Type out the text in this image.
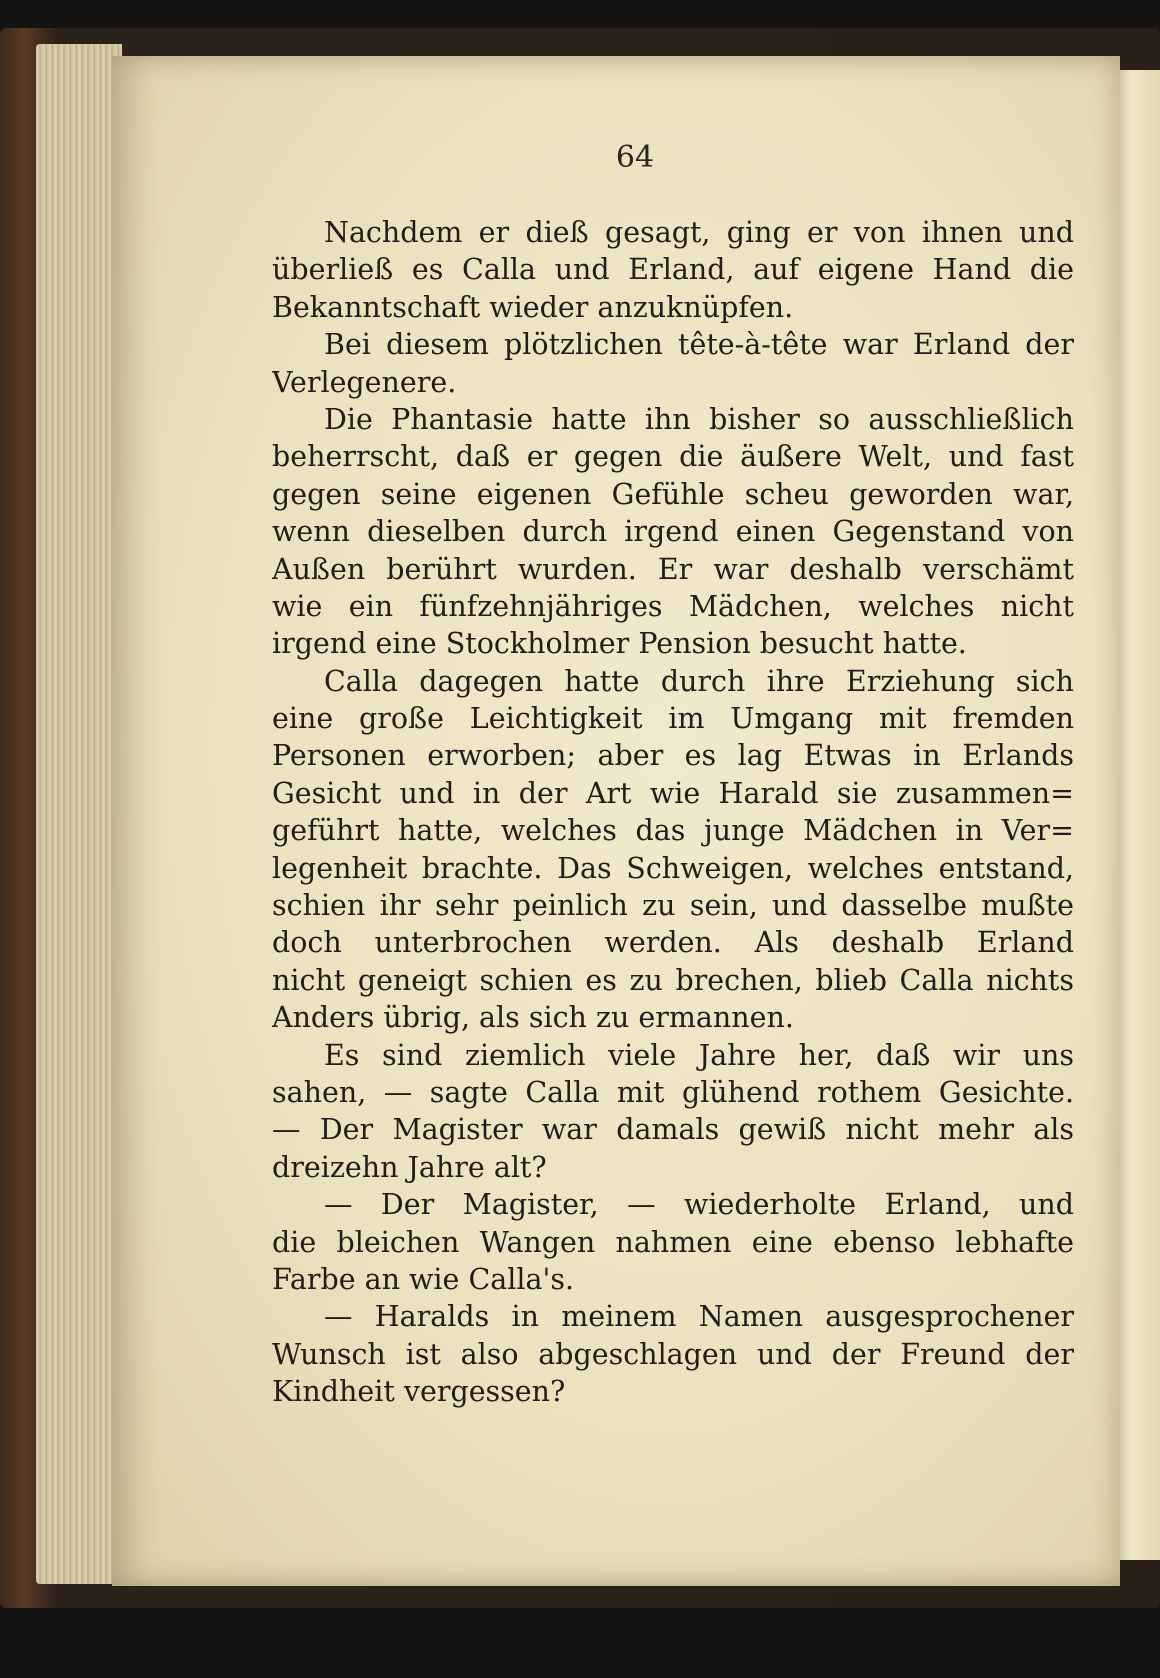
64
Nachdem er dieß gesagt, ging er von ihnen und
überließ es Calla und Erland, auf eigene Hand die
Bekanntschaft wieder anzuknüpfen.
Bei diesem plötzlichen tête-à-tête war Erland der
Verlegenere.
Die Phantasie hatte ihn bisher so ausschließlich
beherrscht, daß er gegen die äußere Welt, und fast
gegen seine eigenen Gefühle scheu geworden war,
wenn dieselben durch irgend einen Gegenstand von
Außen berührt wurden. Er war deshalb verschämt
wie ein fünfzehnjähriges Mädchen, welches nicht
irgend eine Stockholmer Pension besucht hatte.
Calla dagegen hatte durch ihre Erziehung sich
eine große Leichtigkeit im Umgang mit fremden
Personen erworben; aber es lag Etwas in Erlands
Gesicht und in der Art wie Harald sie zusammen=
geführt hatte, welches das junge Mädchen in Ver=
legenheit brachte. Das Schweigen, welches entstand,
schien ihr sehr peinlich zu sein, und dasselbe mußte
doch unterbrochen werden. Als deshalb Erland
nicht geneigt schien es zu brechen, blieb Calla nichts
Anders übrig, als sich zu ermannen.
Es sind ziemlich viele Jahre her, daß wir uns
sahen, — sagte Calla mit glühend rothem Gesichte.
— Der Magister war damals gewiß nicht mehr als
dreizehn Jahre alt?
— Der Magister, — wiederholte Erland, und
die bleichen Wangen nahmen eine ebenso lebhafte
Farbe an wie Calla's.
— Haralds in meinem Namen ausgesprochener
Wunsch ist also abgeschlagen und der Freund der
Kindheit vergessen?
